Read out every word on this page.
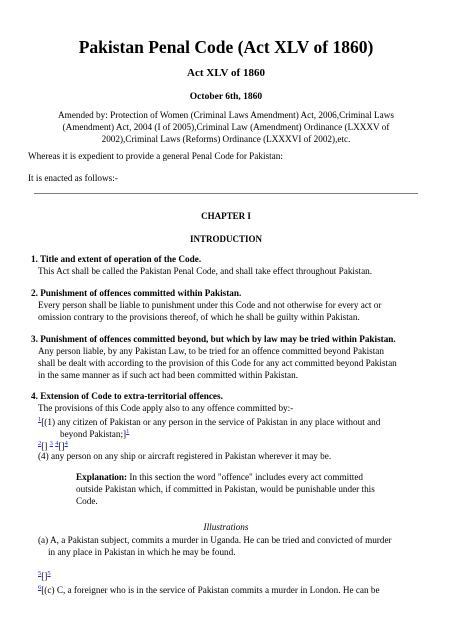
Pakistan Penal Code (Act XLV of 1860)
Act XLV of 1860
October 6th, 1860
Amended by: Protection of Women (Criminal Laws Amendment) Act, 2006,Criminal Laws
(Amendment) Act, 2004 (I of 2005),Criminal Law (Amendment) Ordinance (LXXXV of
2002),Criminal Laws (Reforms) Ordinance (LXXXVI of 2002),etc.
Whereas it is expedient to provide a general Penal Code for Pakistan:
It is enacted as follows:-
CHAPTER I
INTRODUCTION
1. Title and extent of operation of the Code.
This Act shall be called the Pakistan Penal Code, and shall take effect throughout Pakistan.
2. Punishment of offences committed within Pakistan.
Every person shall be liable to punishment under this Code and not otherwise for every act or
omission contrary to the provisions thereof, of which he shall be guilty within Pakistan.
3. Punishment of offences committed beyond, but which by law may be tried within Pakistan.
Any person liable, by any Pakistan Law, to be tried for an offence committed beyond Pakistan
shall be dealt with according to the provision of this Code for any act committed beyond Pakistan
in the same manner as if such act had been committed within Pakistan.
4. Extension of Code to extra-territorial offences.
The provisions of this Code apply also to any offence committed by:-
$^1$[(1) any citizen of Pakistan or any person in the service of Pakistan in any place without and
beyond Pakistan;]$^1$
$^2$[] $^3$ $^4$[]$^4$
(4) any person on any ship or aircraft registered in Pakistan wherever it may be.
Explanation: In this section the word "offence" includes every act committed
outside Pakistan which, if committed in Pakistan, would be punishable under this
Code.
Illustrations
(a) A, a Pakistan subject, commits a murder in Uganda. He can be tried and convicted of murder
in any place in Pakistan in which he may be found.
$^5$[]$^5$
$^6$[(c) C, a foreigner who is in the service of Pakistan commits a murder in London. He can be
